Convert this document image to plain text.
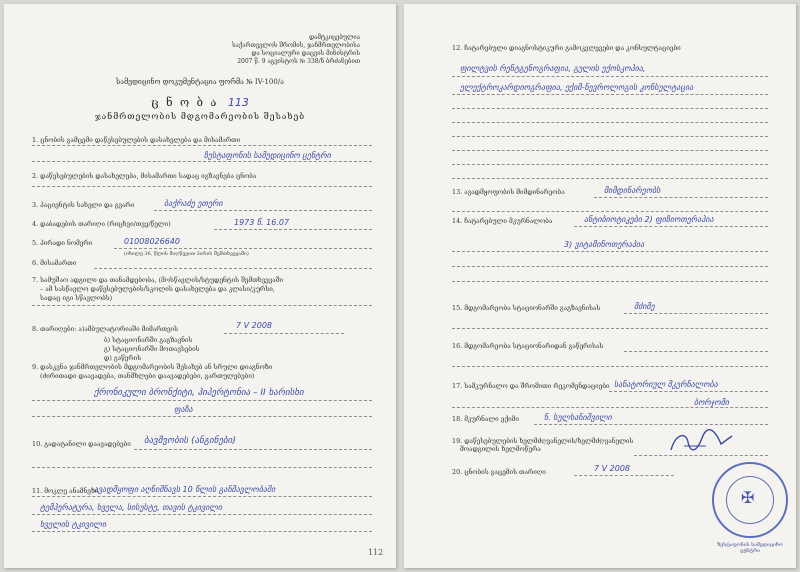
დამტკიცებულია
საქართველოს შრომის, ჯანმრთელობისა
და სოციალური დაცვის მინისტრის
2007 წ. 9 აგვისტოს № 338/ნ ბრძანებით
სამედიცინო დოკუმენტაცია ფორმა № IV-100/ა
ც ნ ო ბ ა 113
ჯანმრთელობის მდგომარეობის შესახებ
1. ცნობის გამცემი დაწესებულების დასახელება და მისამართი
ზესტაფონის სამედიცინო ცენტრი
2. დაწესებულების დასახელება, მისამართი სადაც იგზავნება ცნობა
3. პაციენტის სახელი და გვარი	ბაქრაძე ეთერი
4. დაბადების თარიღი (რიცხვი/თვე/წელი)	1973 წ. 16.07
5. პირადი ნომერი	01008026640
(იხილე 36, წლის მიღწევით პირის შემთხვევაში)
6. მისამართი
7. სამუშაო ადგილი და თანამდებობა, (მოსწავლის/სტუდენტის შემთხვევაში
– ამ სასწავლო დაწესებულების/სკოლის დასახელება და კლასი/კურსი,
სადაც იგი სწავლობს)
8. თარიღები: ა)ამბულატორიაში მიმართვის	7 V 2008
ბ) სტაციონარში გაგზავნის
გ) სტაციონარში მოთავსების
დ) გაწერის
9. დასკვნა ჯანმრთელობის მდგომარეობის შესახებ ან სრული დიაგნოზი
(ძირითადი დაავადება, თანმხლები დაავადებები, გართულებები)
ქრონიკული ბრონქიტი, ჰიპერტონია – II ხარისხი
ფაზა
10. გადატანილი დაავადებები ბავშვობის (ანგინები)
11. მოკლე ანამნეზი
ავადმყოფი აღნიშნავს 10 წლის განმავლობაში
ტემპერატურა, ხველა, სისუსტე, თავის ტკივილი
ხველის ტკივილი
112
12. ჩატარებული დიაგნოსტიკური გამოკვლევები და კონსულტაციები
ფილტვის რენტგენოგრაფია, გულის ექოსკოპია,
ელექტროკარდიოგრაფია, ექიმ-ნევროლოგის კონსულტაცია
13. ავადმყოფობის მიმდინარეობა	მიმდინარეობს
14. ჩატარებული მკურნალობა	ანტიბიოტიკები 2) ფიზიოთერაპია
3) ვიტამინოთერაპია
15. მდგომარეობა სტაციონარში გაგზავნისას	მძიმე
16. მდგომარეობა სტაციონარიდან გაწერისას
17. სამკურნალო და შრომითი რეკომენდაციები სანატორიულ მკურნალობა
ბორჯომი
18. მკურნალი ექიმი	ნ. სულხანიშვილი
19. დაწესებულების ხელმძღვანელის/ხელმძღვანელის
მოადგილის ხელმოწერა
20. ცნობის გაცემის თარიღი	7 V 2008
✠
ზესტაფონის სამედიცინო ცენტრი
